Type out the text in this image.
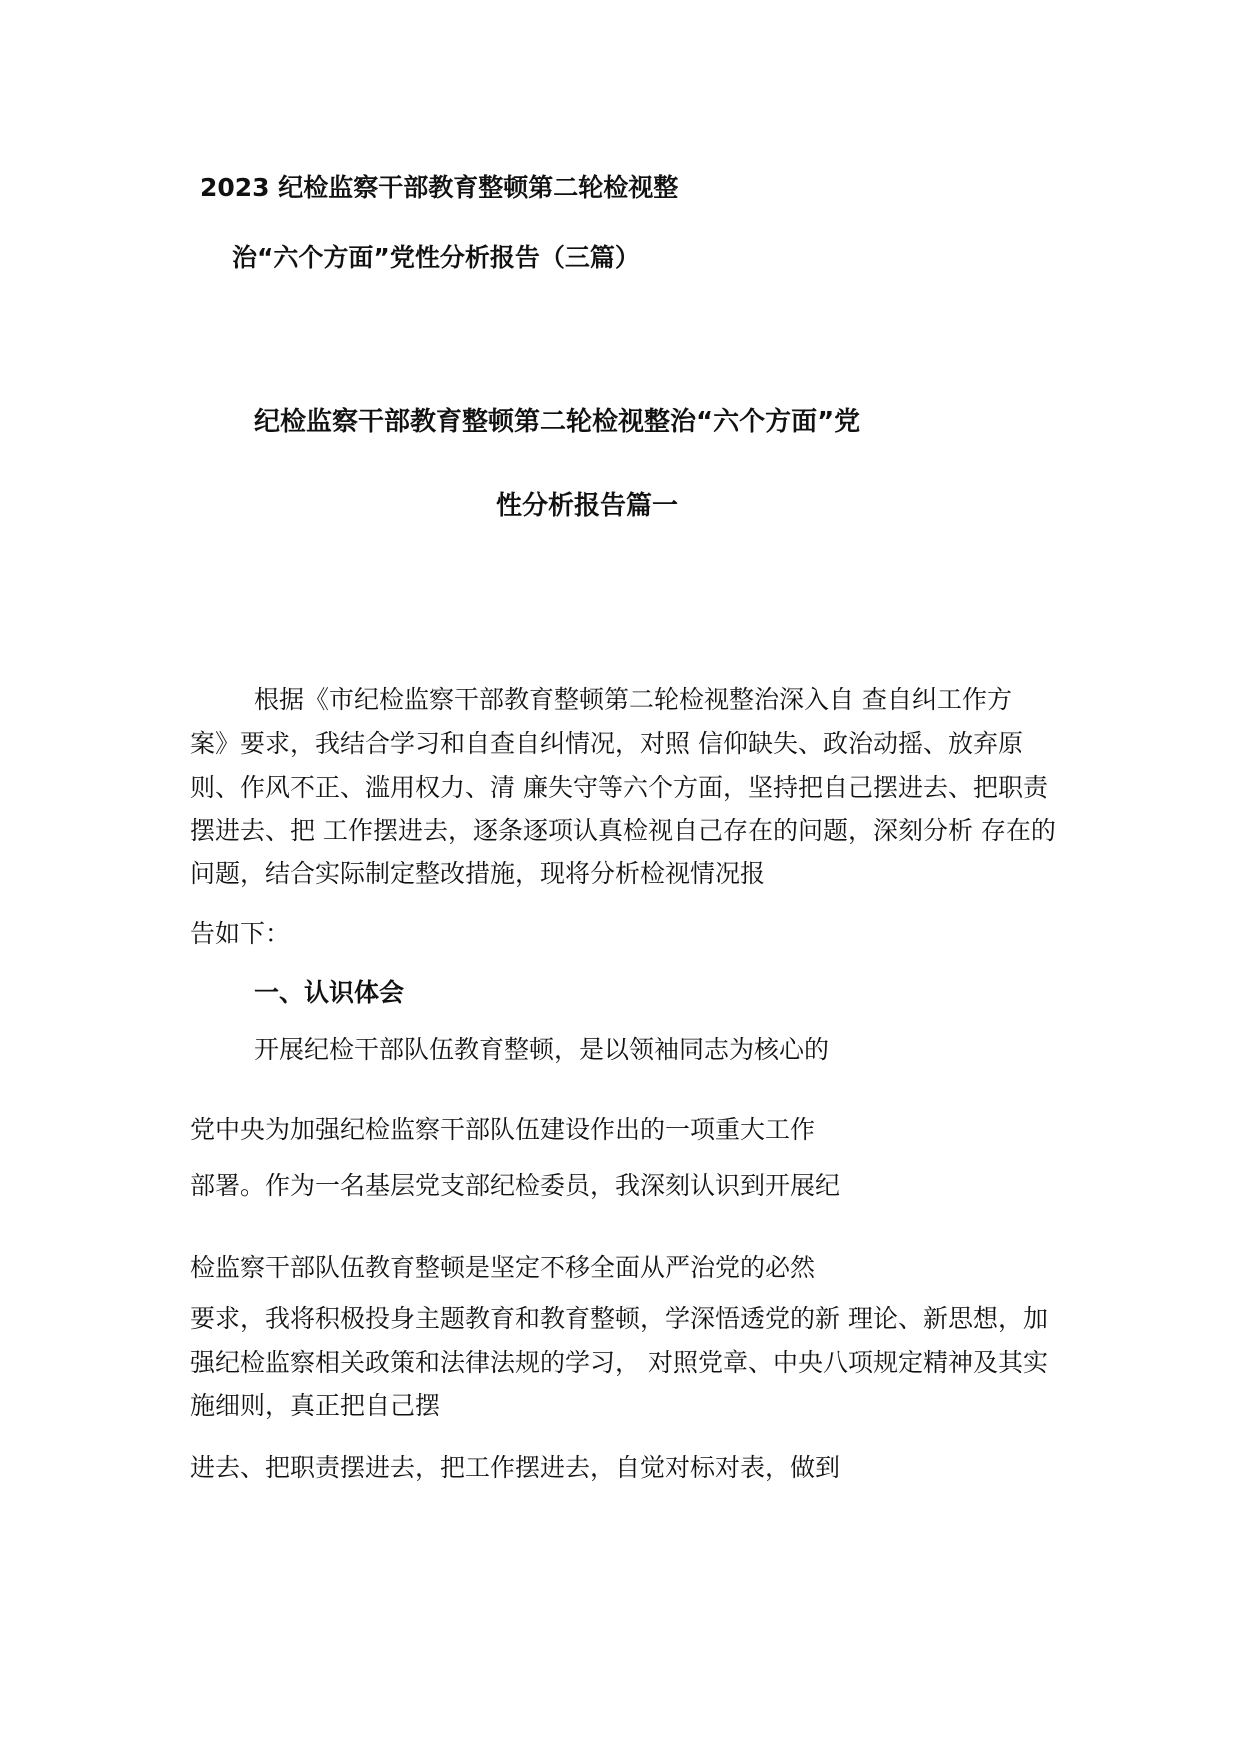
2023 纪检监察干部教育整顿第二轮检视整
治“六个方面”党性分析报告（三篇）
纪检监察干部教育整顿第二轮检视整治“六个方面”党
性分析报告篇一
根据《市纪检监察干部教育整顿第二轮检视整治深入自 查自纠工作方
案》要求，我结合学习和自查自纠情况，对照 信仰缺失、政治动摇、放弃原
则、作风不正、滥用权力、清 廉失守等六个方面，坚持把自己摆进去、把职责
摆进去、把 工作摆进去，逐条逐项认真检视自己存在的问题，深刻分析 存在的
问题，结合实际制定整改措施，现将分析检视情况报
告如下：
一、认识体会
开展纪检干部队伍教育整顿，是以领袖同志为核心的
党中央为加强纪检监察干部队伍建设作出的一项重大工作
部署。作为一名基层党支部纪检委员，我深刻认识到开展纪
检监察干部队伍教育整顿是坚定不移全面从严治党的必然
要求，我将积极投身主题教育和教育整顿，学深悟透党的新 理论、新思想，加
强纪检监察相关政策和法律法规的学习， 对照党章、中央八项规定精神及其实
施细则，真正把自己摆
进去、把职责摆进去，把工作摆进去，自觉对标对表，做到
